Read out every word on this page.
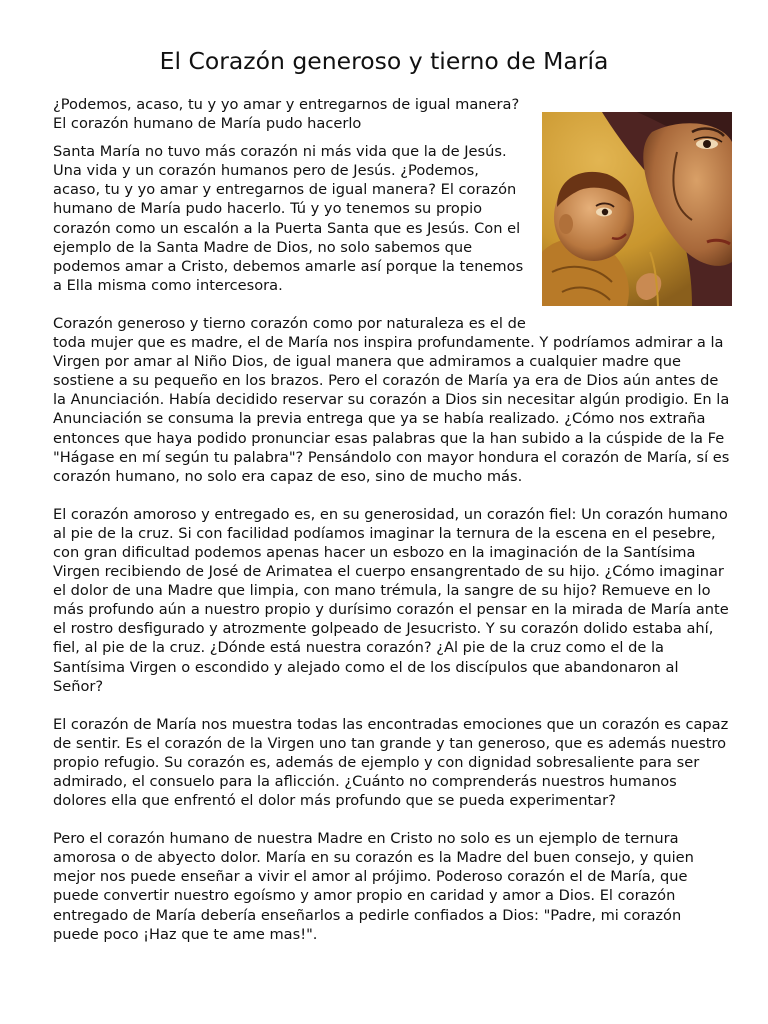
El Corazón generoso y tierno de María

¿Podemos, acaso, tu y yo amar y entregarnos de igual manera? El corazón humano de María pudo hacerlo

Santa María no tuvo más corazón ni más vida que la de Jesús. Una vida y un corazón humanos pero de Jesús. ¿Podemos, acaso, tu y yo amar y entregarnos de igual manera? El corazón humano de María pudo hacerlo. Tú y yo tenemos su propio corazón como un escalón a la Puerta Santa que es Jesús. Con el ejemplo de la Santa Madre de Dios, no solo sabemos que podemos amar a Cristo, debemos amarle así porque la tenemos a Ella misma como intercesora.

Corazón generoso y tierno corazón como por naturaleza es el de toda mujer que es madre, el de María nos inspira profundamente. Y podríamos admirar a la Virgen por amar al Niño Dios, de igual manera que admiramos a cualquier madre que sostiene a su pequeño en los brazos. Pero el corazón de María ya era de Dios aún antes de la Anunciación. Había decidido reservar su corazón a Dios sin necesitar algún prodigio. En la Anunciación se consuma la previa entrega que ya se había realizado. ¿Cómo nos extraña entonces que haya podido pronunciar esas palabras que la han subido a la cúspide de la Fe "Hágase en mí según tu palabra"? Pensándolo con mayor hondura el corazón de María, sí es corazón humano, no solo era capaz de eso, sino de mucho más.

El corazón amoroso y entregado es, en su generosidad, un corazón fiel: Un corazón humano al pie de la cruz. Si con facilidad podíamos imaginar la ternura de la escena en el pesebre, con gran dificultad podemos apenas hacer un esbozo en la imaginación de la Santísima Virgen recibiendo de José de Arimatea el cuerpo ensangrentado de su hijo. ¿Cómo imaginar el dolor de una Madre que limpia, con mano trémula, la sangre de su hijo? Remueve en lo más profundo aún a nuestro propio y durísimo corazón el pensar en la mirada de María ante el rostro desfigurado y atrozmente golpeado de Jesucristo. Y su corazón dolido estaba ahí, fiel, al pie de la cruz. ¿Dónde está nuestra corazón? ¿Al pie de la cruz como el de la Santísima Virgen o escondido y alejado como el de los discípulos que abandonaron al Señor?

El corazón de María nos muestra todas las encontradas emociones que un corazón es capaz de sentir. Es el corazón de la Virgen uno tan grande y tan generoso, que es además nuestro propio refugio. Su corazón es, además de ejemplo y con dignidad sobresaliente para ser admirado, el consuelo para la aflicción. ¿Cuánto no comprenderás nuestros humanos dolores ella que enfrentó el dolor más profundo que se pueda experimentar?

Pero el corazón humano de nuestra Madre en Cristo no solo es un ejemplo de ternura amorosa o de abyecto dolor. María en su corazón es la Madre del buen consejo, y quien mejor nos puede enseñar a vivir el amor al prójimo. Poderoso corazón el de María, que puede convertir nuestro egoísmo y amor propio en caridad y amor a Dios. El corazón entregado de María debería enseñarlos a pedirle confiados a Dios: "Padre, mi corazón puede poco ¡Haz que te ame mas!".
